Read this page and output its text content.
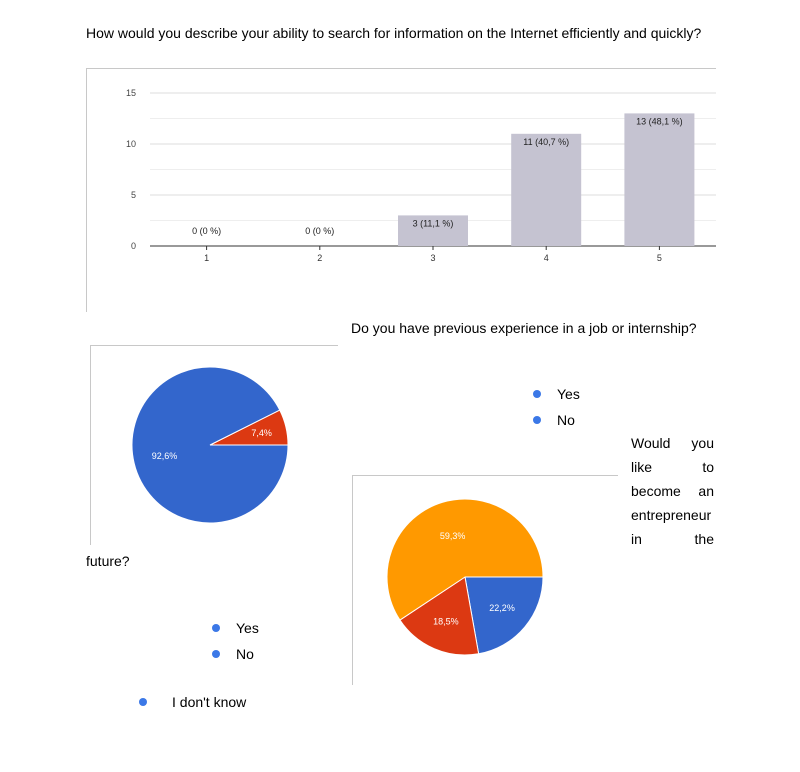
How would you describe your ability to search for information on the Internet efficiently and quickly?
0
5
10
15
0 (0 %)
1
0 (0 %)
2
3 (11,1 %)
3
11 (40,7 %)
4
13 (48,1 %)
5
Do you have previous experience in a job or internship?
7,4%
92,6%
Yes
No
Would you
like	to
become an
entrepreneur
in	the
future?
22,2%
18,5%
59,3%
Yes
No
I don't know
